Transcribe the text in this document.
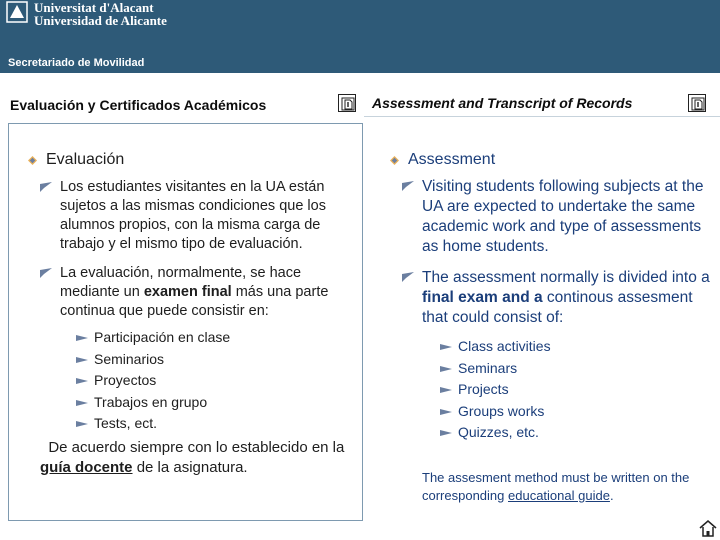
Universitat d'Alacant
Universidad de Alicante
Secretariado de Movilidad
Evaluación y Certificados Académicos	Assessment and Transcript of Records
Evaluación
Los estudiantes visitantes en la UA están sujetos a las mismas condiciones que los alumnos propios, con la misma carga de trabajo y el mismo tipo de evaluación.
La evaluación, normalmente, se hace mediante un examen final más una parte continua que puede consistir en:
Participación en clase
Seminarios
Proyectos
Trabajos en grupo
Tests, ect.
De acuerdo siempre con lo establecido en la guía docente de la asignatura.
Assessment
Visiting students following subjects at the UA are expected to undertake the same academic work and type of assessments as home students.
The assessment normally is divided into a final exam and a continous assesment that could consist of:
Class activities
Seminars
Projects
Groups works
Quizzes, etc.
The assesment method must be written on the corresponding educational guide.
